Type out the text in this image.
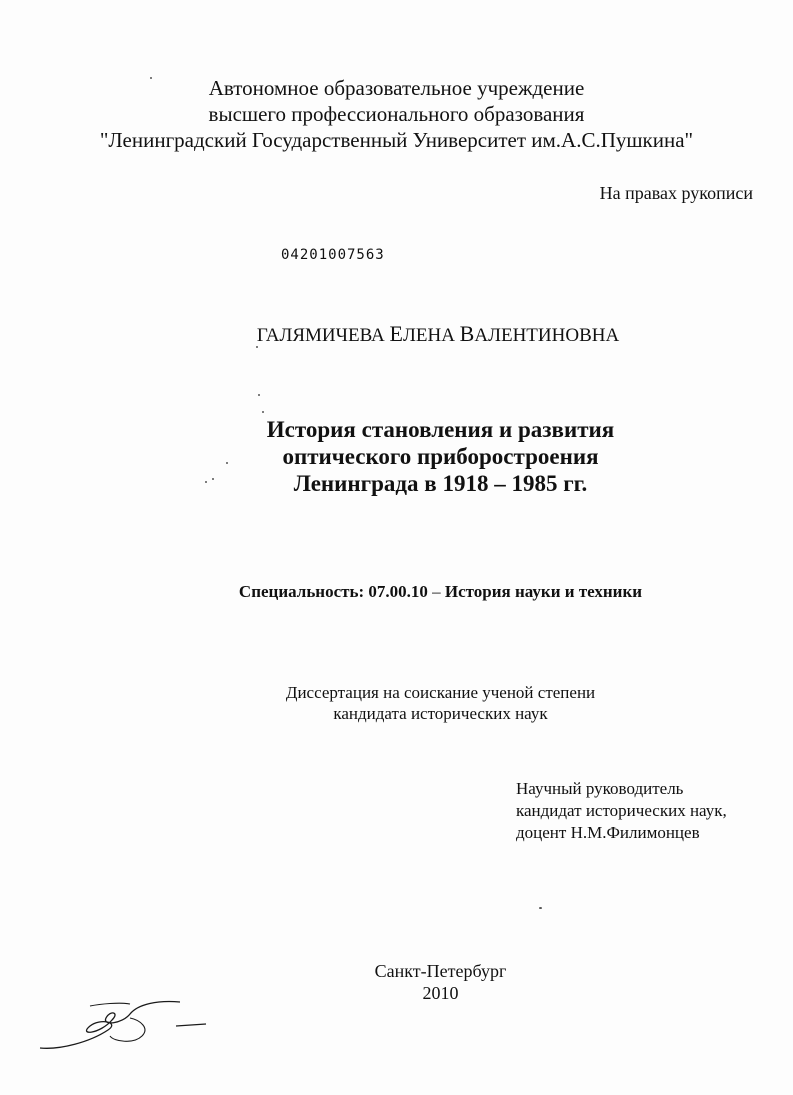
Автономное образовательное учреждение
высшего профессионального образования
"Ленинградский Государственный Университет им.А.С.Пушкина"
На правах рукописи
04201007563
ГАЛЯМИЧЕВА ЕЛЕНА ВАЛЕНТИНОВНА
История становления и развития
оптического приборостроения
Ленинграда в 1918 – 1985 гг.
Специальность: 07.00.10 – История науки и техники
Диссертация на соискание ученой степени
кандидата исторических наук
Научный руководитель
кандидат исторических наук,
доцент Н.М.Филимонцев
Санкт-Петербург
2010
